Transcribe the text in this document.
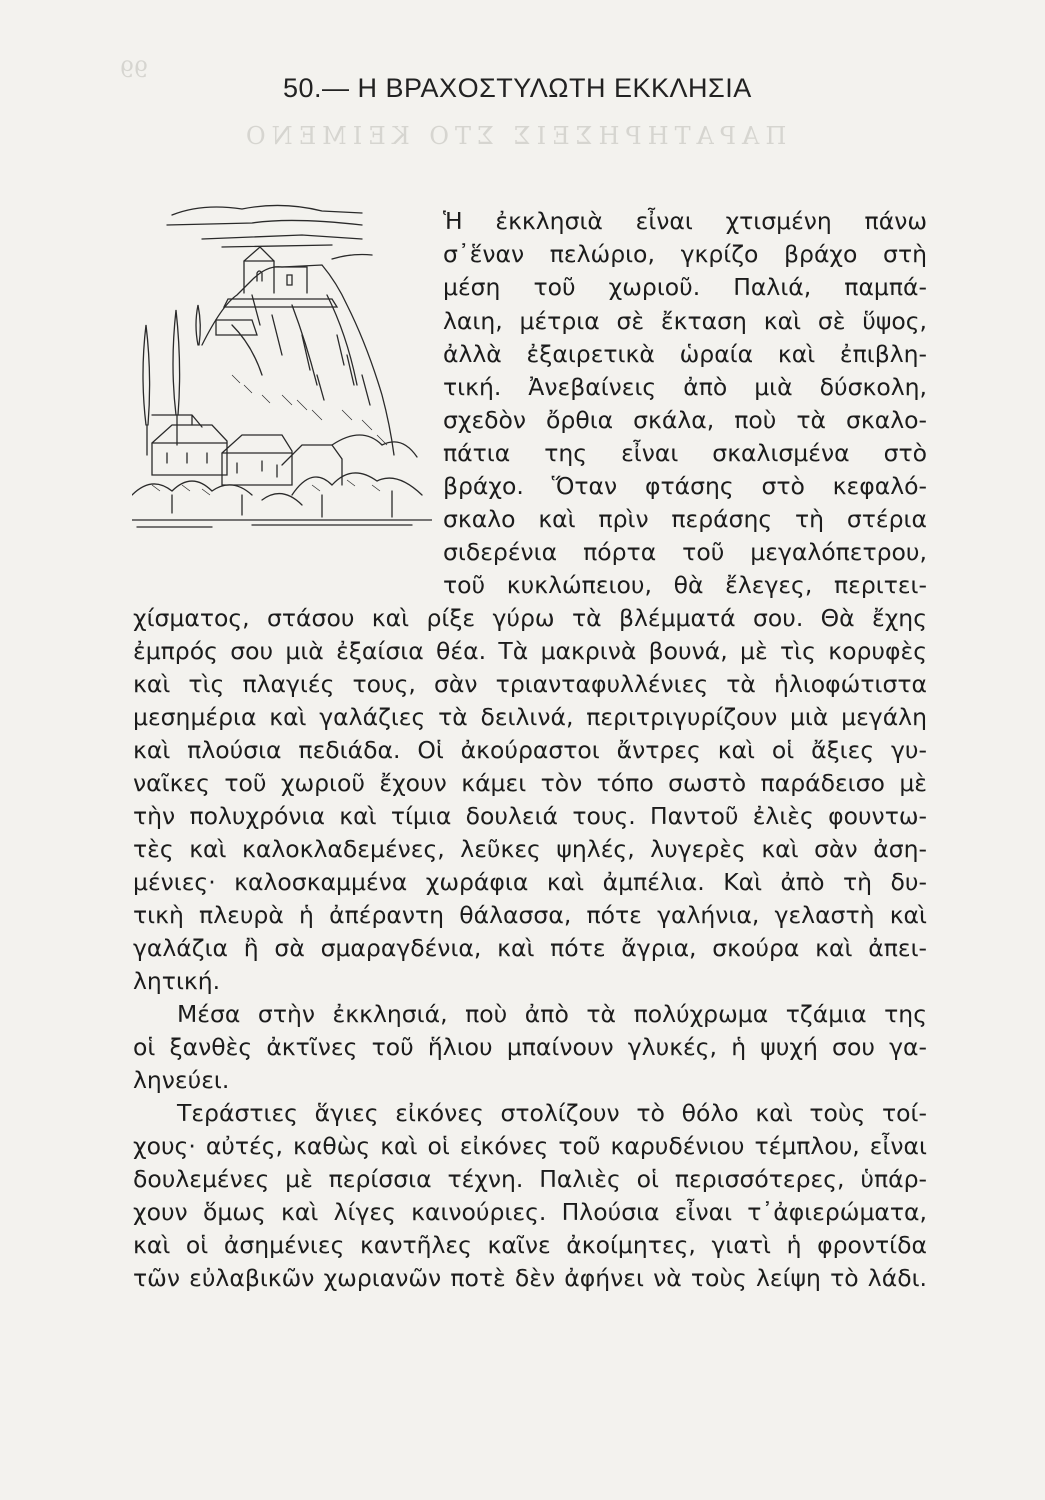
ΠΑΡΑΤΗΡΗΣΕΙΣ ΣΤΟ ΚΕΙΜΕΝΟ
99
50.— Η ΒΡΑΧΟΣΤΥΛΩΤΗ ΕΚΚΛΗΣΙΑ

Ἡ ἐκκλησιὰ εἶναι χτισμένη πάνω

σ᾿ἕναν πελώριο, γκρίζο βράχο στὴ

μέση τοῦ χωριοῦ. Παλιά, παμπά-

λαιη, μέτρια σὲ ἔκταση καὶ σὲ ὕψος,

ἀλλὰ ἐξαιρετικὰ ὡραία καὶ ἐπιβλη-

τική. Ἀνεβαίνεις ἀπὸ μιὰ δύσκολη,

σχεδὸν ὄρθια σκάλα, ποὺ τὰ σκαλο-

πάτια της εἶναι σκαλισμένα στὸ

βράχο. Ὅταν φτάσης στὸ κεφαλό-

σκαλο καὶ πρὶν περάσης τὴ στέρια

σιδερένια πόρτα τοῦ μεγαλόπετρου,

τοῦ κυκλώπειου, θὰ ἔλεγες, περιτει-

χίσματος, στάσου καὶ ρίξε γύρω τὰ βλέμματά σου. Θὰ ἔχης

ἐμπρός σου μιὰ ἐξαίσια θέα. Τὰ μακρινὰ βουνά, μὲ τὶς κορυφὲς

καὶ τὶς πλαγιές τους, σὰν τριανταφυλλένιες τὰ ἡλιοφώτιστα

μεσημέρια καὶ γαλάζιες τὰ δειλινά, περιτριγυρίζουν μιὰ μεγάλη

καὶ πλούσια πεδιάδα. Οἱ ἀκούραστοι ἄντρες καὶ οἱ ἄξιες γυ-

ναῖκες τοῦ χωριοῦ ἔχουν κάμει τὸν τόπο σωστὸ παράδεισο μὲ

τὴν πολυχρόνια καὶ τίμια δουλειά τους. Παντοῦ ἐλιὲς φουντω-

τὲς καὶ καλοκλαδεμένες, λεῦκες ψηλές, λυγερὲς καὶ σὰν ἀση-

μένιες· καλοσκαμμένα χωράφια καὶ ἀμπέλια. Καὶ ἀπὸ τὴ δυ-

τικὴ πλευρὰ ἡ ἀπέραντη θάλασσα, πότε γαλήνια, γελαστὴ καὶ

γαλάζια ἢ σὰ σμαραγδένια, καὶ πότε ἄγρια, σκούρα καὶ ἀπει-

λητική.

Μέσα στὴν ἐκκλησιά, ποὺ ἀπὸ τὰ πολύχρωμα τζάμια της

οἱ ξανθὲς ἀκτῖνες τοῦ ἥλιου μπαίνουν γλυκές, ἡ ψυχή σου γα-

ληνεύει.

Τεράστιες ἅγιες εἰκόνες στολίζουν τὸ θόλο καὶ τοὺς τοί-

χους· αὐτές, καθὼς καὶ οἱ εἰκόνες τοῦ καρυδένιου τέμπλου, εἶναι

δουλεμένες μὲ περίσσια τέχνη. Παλιὲς οἱ περισσότερες, ὑπάρ-

χουν ὅμως καὶ λίγες καινούριες. Πλούσια εἶναι τ᾿ἀφιερώματα,

καὶ οἱ ἀσημένιες καντῆλες καῖνε ἀκοίμητες, γιατὶ ἡ φροντίδα

τῶν εὐλαβικῶν χωριανῶν ποτὲ δὲν ἀφήνει νὰ τοὺς λείψη τὸ λάδι.
